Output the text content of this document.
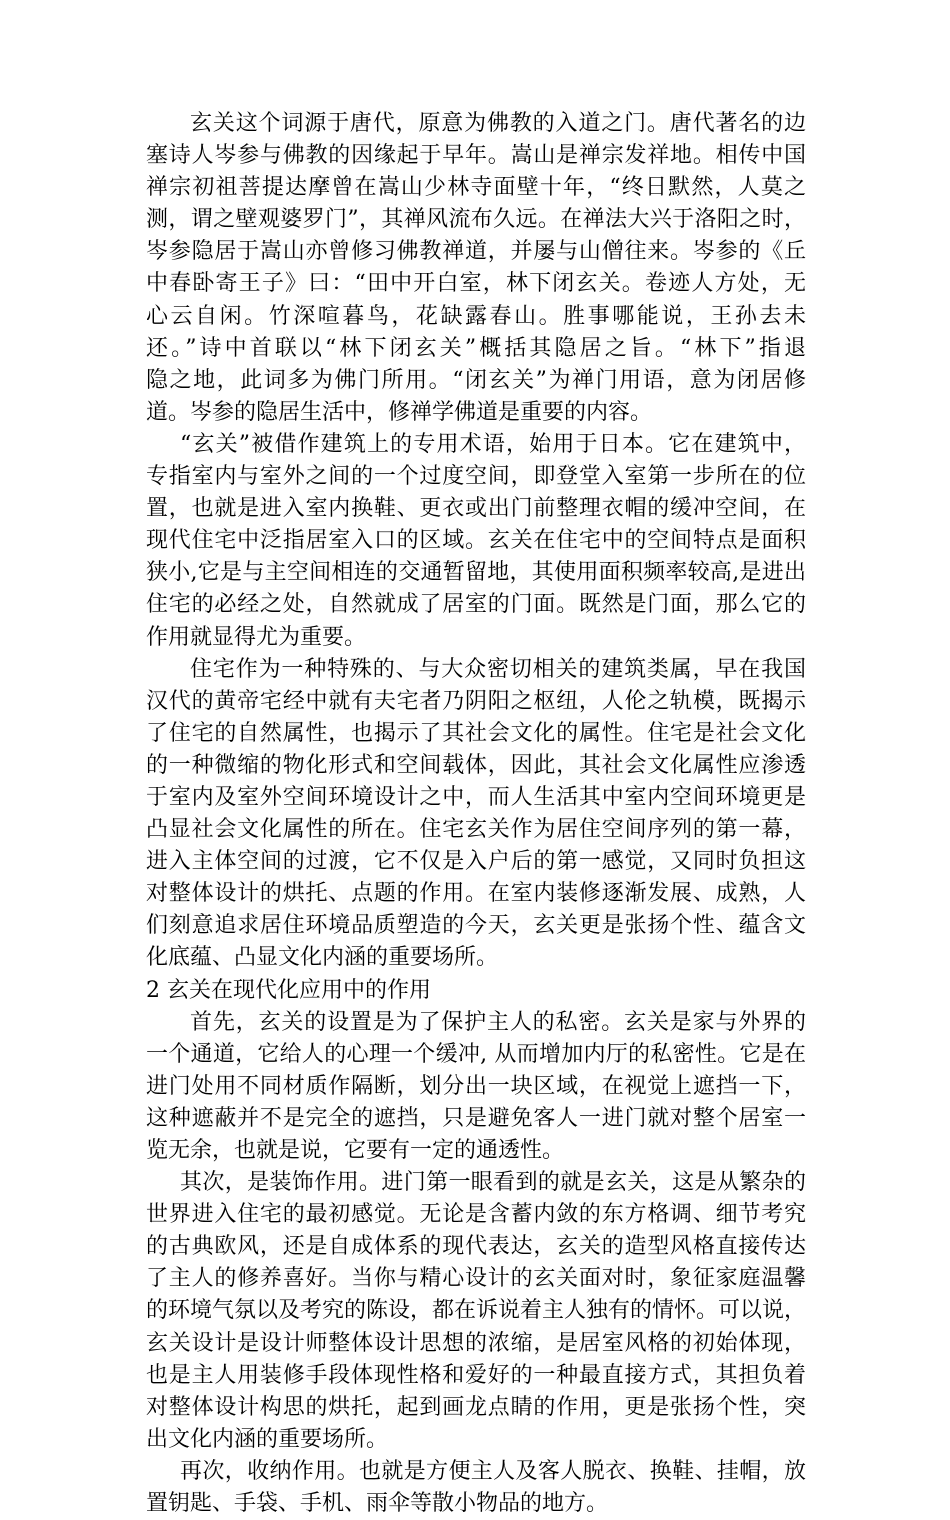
玄关这个词源于唐代，原意为佛教的入道之门。唐代著名的边
塞诗人岑参与佛教的因缘起于早年。嵩山是禅宗发祥地。相传中国
禅宗初祖菩提达摩曾在嵩山少林寺面壁十年，“终日默然，人莫之
测，谓之壁观婆罗门”，其禅风流布久远。在禅法大兴于洛阳之时，
岑参隐居于嵩山亦曾修习佛教禅道，并屡与山僧往来。岑参的《丘
中春卧寄王子》曰：“田中开白室，林下闭玄关。卷迹人方处，无
心云自闲。竹深喧暮鸟，花缺露春山。胜事哪能说，王孙去未
还。”诗中首联以“林下闭玄关”概括其隐居之旨。“林下”指退
隐之地，此词多为佛门所用。“闭玄关”为禅门用语，意为闭居修
道。岑参的隐居生活中，修禅学佛道是重要的内容。
“玄关”被借作建筑上的专用术语，始用于日本。它在建筑中，
专指室内与室外之间的一个过度空间，即登堂入室第一步所在的位
置，也就是进入室内换鞋、更衣或出门前整理衣帽的缓冲空间，在
现代住宅中泛指居室入口的区域。玄关在住宅中的空间特点是面积
狭小,它是与主空间相连的交通暂留地，其使用面积频率较高,是进出
住宅的必经之处，自然就成了居室的门面。既然是门面，那么它的
作用就显得尤为重要。
住宅作为一种特殊的、与大众密切相关的建筑类属，早在我国
汉代的黄帝宅经中就有夫宅者乃阴阳之枢纽，人伦之轨模，既揭示
了住宅的自然属性，也揭示了其社会文化的属性。住宅是社会文化
的一种微缩的物化形式和空间载体，因此，其社会文化属性应渗透
于室内及室外空间环境设计之中，而人生活其中室内空间环境更是
凸显社会文化属性的所在。住宅玄关作为居住空间序列的第一幕，
进入主体空间的过渡，它不仅是入户后的第一感觉，又同时负担这
对整体设计的烘托、点题的作用。在室内装修逐渐发展、成熟，人
们刻意追求居住环境品质塑造的今天，玄关更是张扬个性、蕴含文
化底蕴、凸显文化内涵的重要场所。
2 玄关在现代化应用中的作用
首先，玄关的设置是为了保护主人的私密。玄关是家与外界的
一个通道，它给人的心理一个缓冲, 从而增加内厅的私密性。它是在
进门处用不同材质作隔断，划分出一块区域，在视觉上遮挡一下，
这种遮蔽并不是完全的遮挡，只是避免客人一进门就对整个居室一
览无余，也就是说，它要有一定的通透性。
其次，是装饰作用。进门第一眼看到的就是玄关，这是从繁杂的
世界进入住宅的最初感觉。无论是含蓄内敛的东方格调、细节考究
的古典欧风，还是自成体系的现代表达，玄关的造型风格直接传达
了主人的修养喜好。当你与精心设计的玄关面对时，象征家庭温馨
的环境气氛以及考究的陈设，都在诉说着主人独有的情怀。可以说，
玄关设计是设计师整体设计思想的浓缩，是居室风格的初始体现，
也是主人用装修手段体现性格和爱好的一种最直接方式，其担负着
对整体设计构思的烘托，起到画龙点睛的作用，更是张扬个性，突
出文化内涵的重要场所。
再次，收纳作用。也就是方便主人及客人脱衣、换鞋、挂帽，放
置钥匙、手袋、手机、雨伞等散小物品的地方。
